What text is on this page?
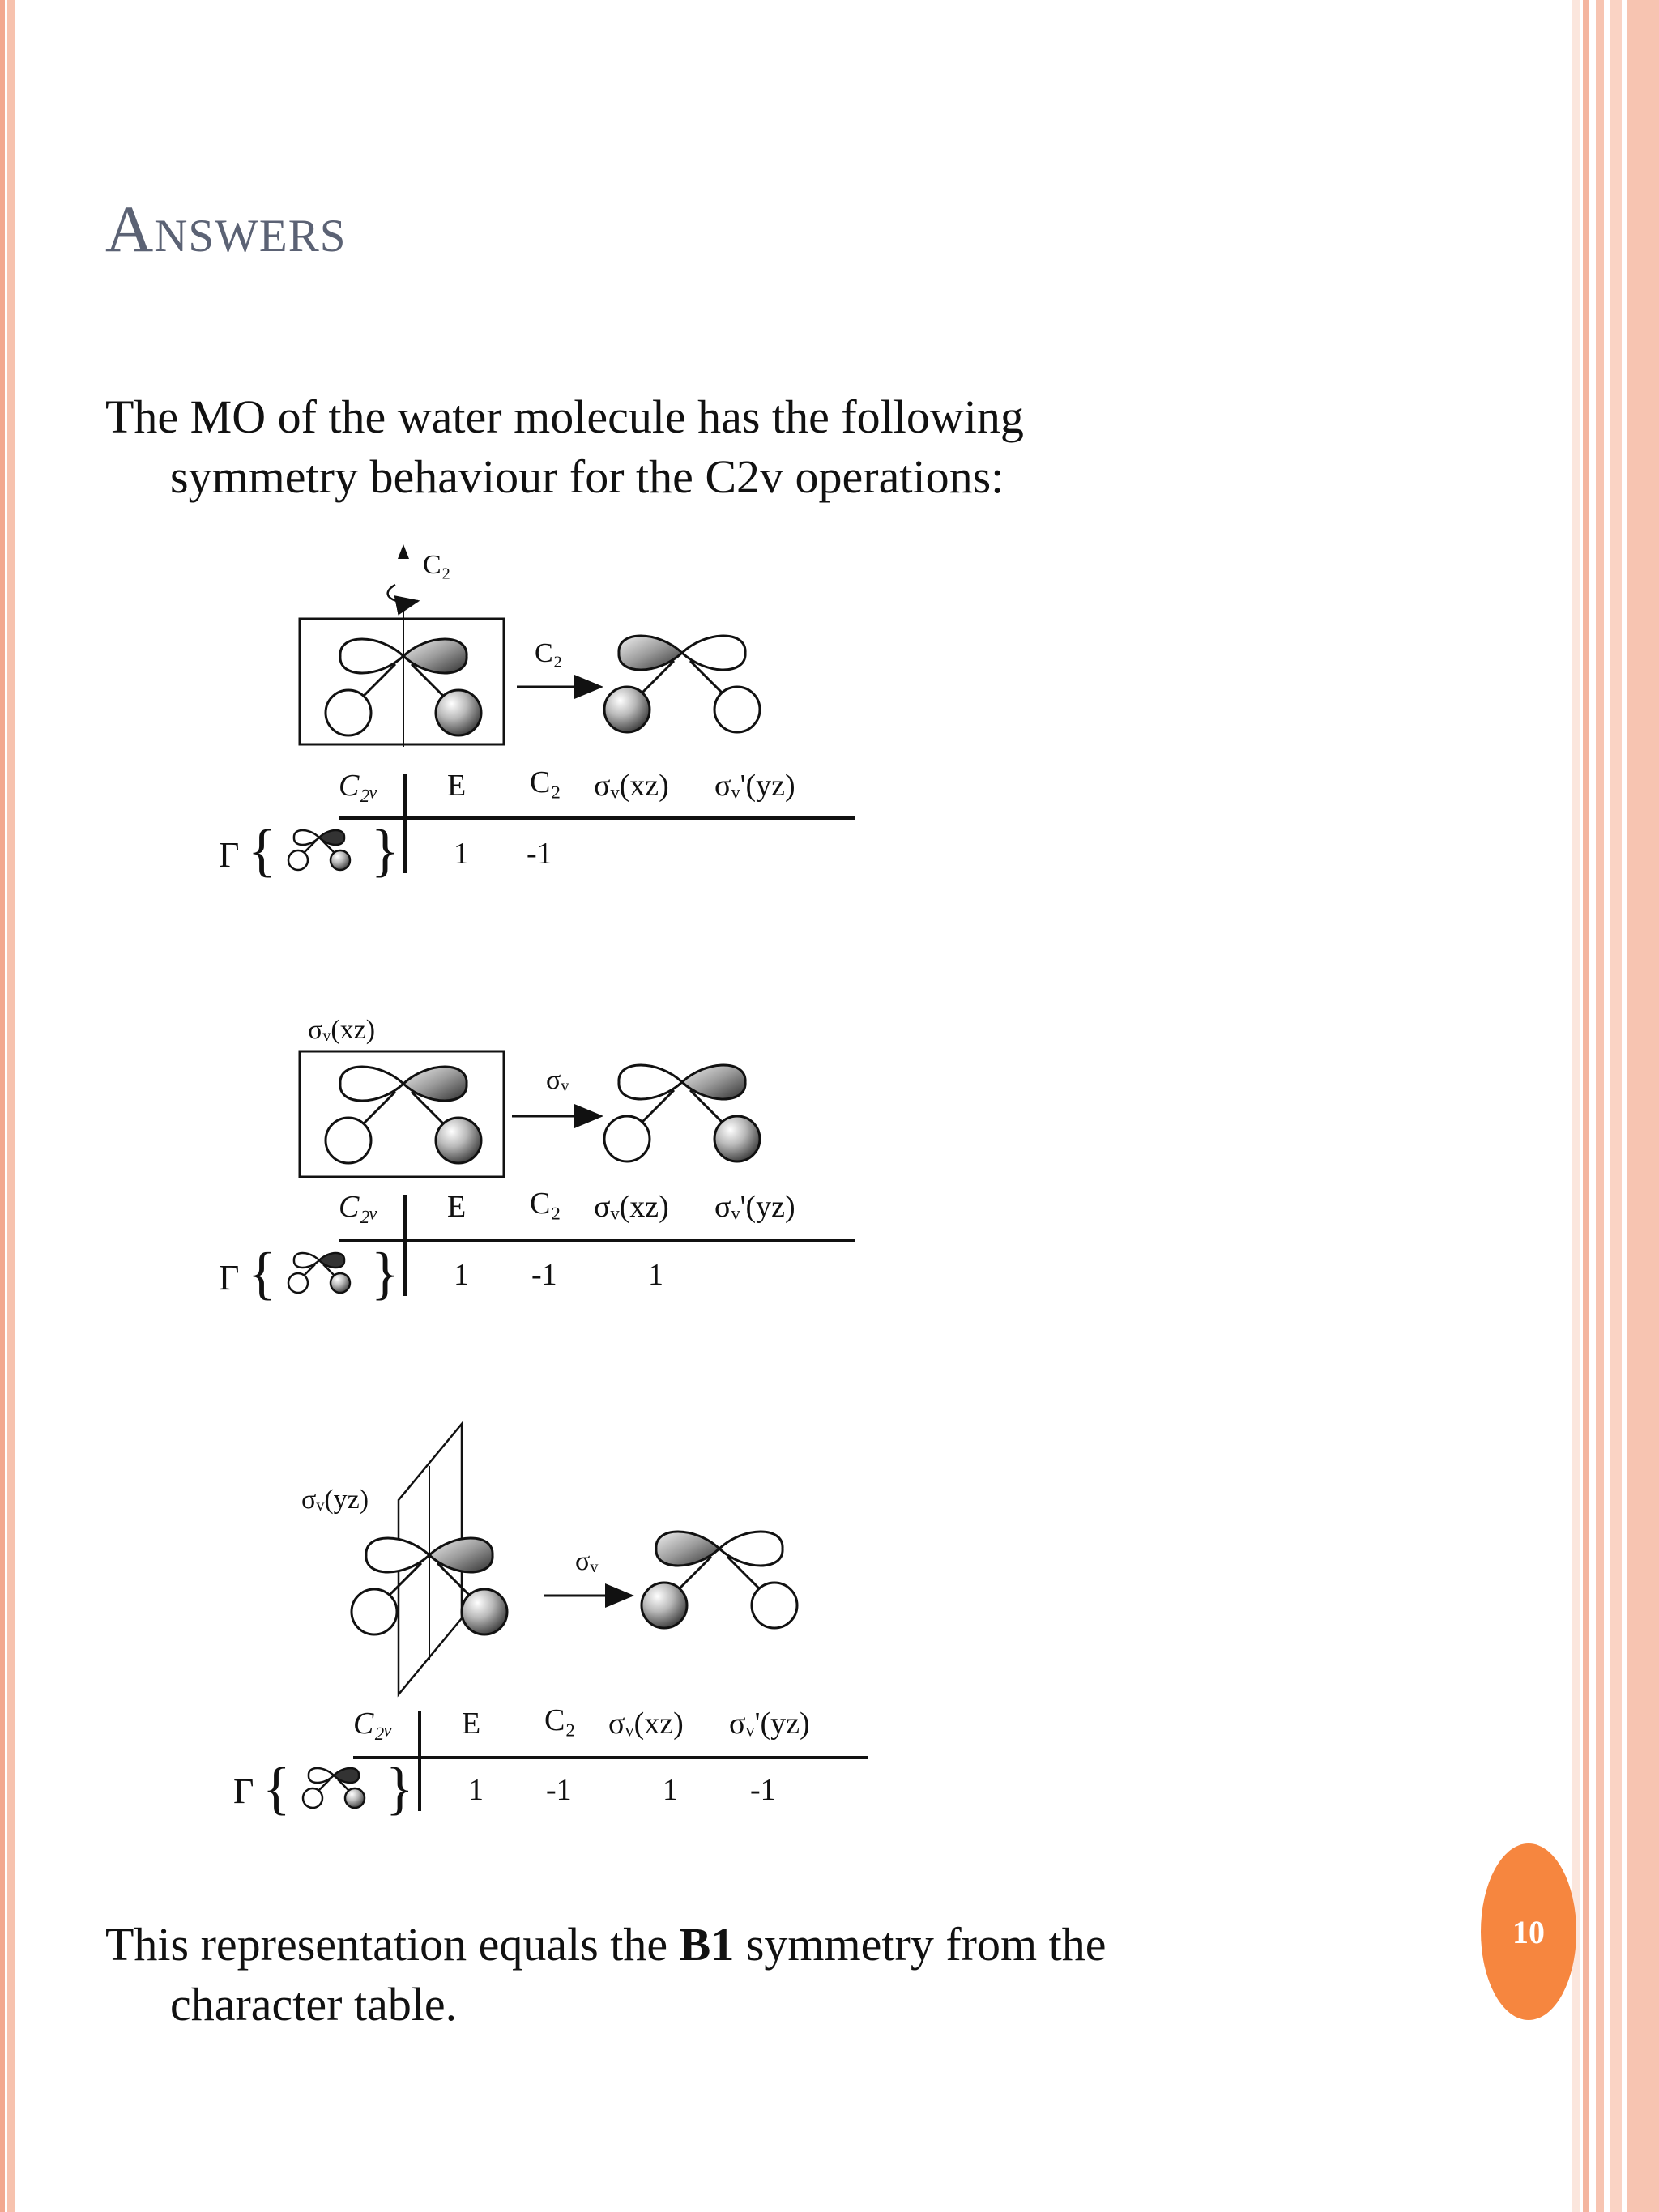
Answers
The MO of the water molecule has the following
symmetry behaviour for the C2v operations:
C₂
C₂
C₂ᵥ E C₂ σᵥ(xz) σᵥ'(yz)
Γ { } 1 -1
σᵥ(xz)
σᵥ
C₂ᵥ E C₂ σᵥ(xz) σᵥ'(yz)
Γ { } 1 -1	1
σᵥ(yz)
σᵥ
C₂ᵥ E C₂ σᵥ(xz) σᵥ'(yz)
Γ { } 1 -1	1 -1
This representation equals the B1 symmetry from the
character table.
10
